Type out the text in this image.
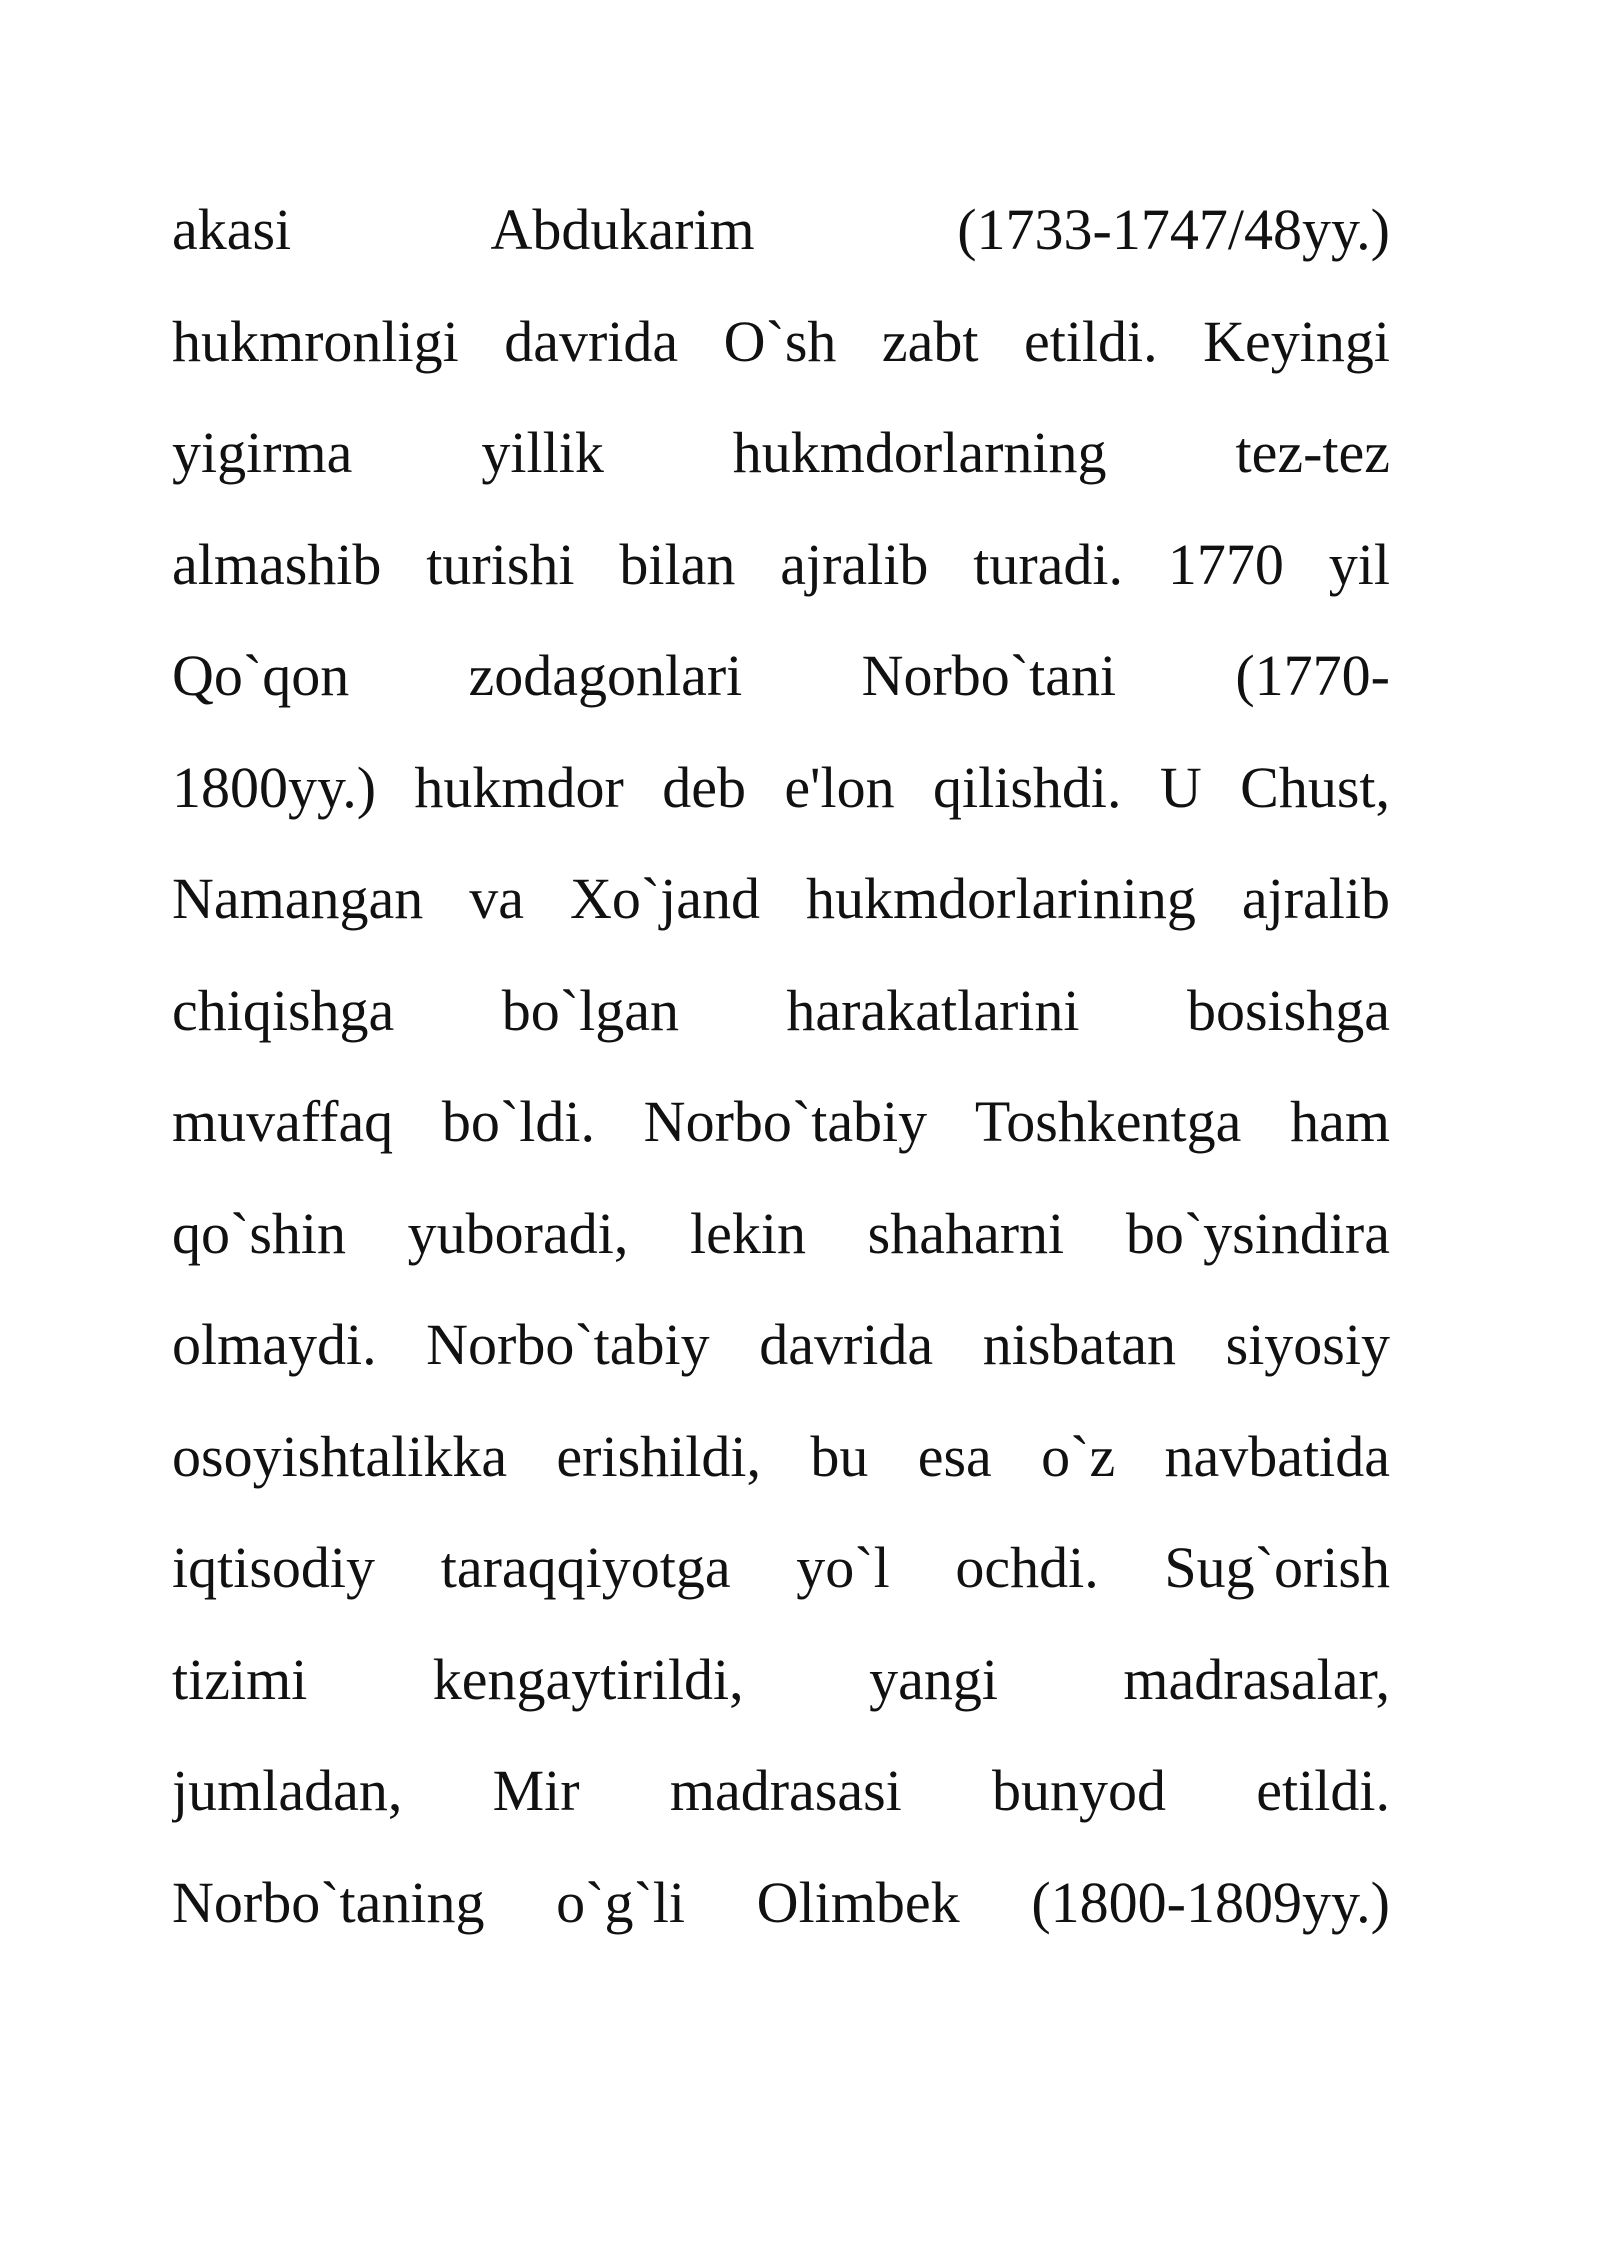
akasi Abdukarim (1733-1747/48yy.)
hukmronligi davrida O`sh zabt etildi. Keyingi
yigirma yillik hukmdorlarning tez-tez
almashib turishi bilan ajralib turadi. 1770 yil
Qo`qon zodagonlari Norbo`tani (1770-
1800yy.) hukmdor deb e'lon qilishdi. U Chust,
Namangan va Xo`jand hukmdorlarining ajralib
chiqishga bo`lgan harakatlarini bosishga
muvaffaq bo`ldi. Norbo`tabiy Toshkentga ham
qo`shin yuboradi, lekin shaharni bo`ysindira
olmaydi. Norbo`tabiy davrida nisbatan siyosiy
osoyishtalikka erishildi, bu esa o`z navbatida
iqtisodiy taraqqiyotga yo`l ochdi. Sug`orish
tizimi kengaytirildi, yangi madrasalar,
jumladan, Mir madrasasi bunyod etildi.
Norbo`taning o`g`li Olimbek (1800-1809yy.)
